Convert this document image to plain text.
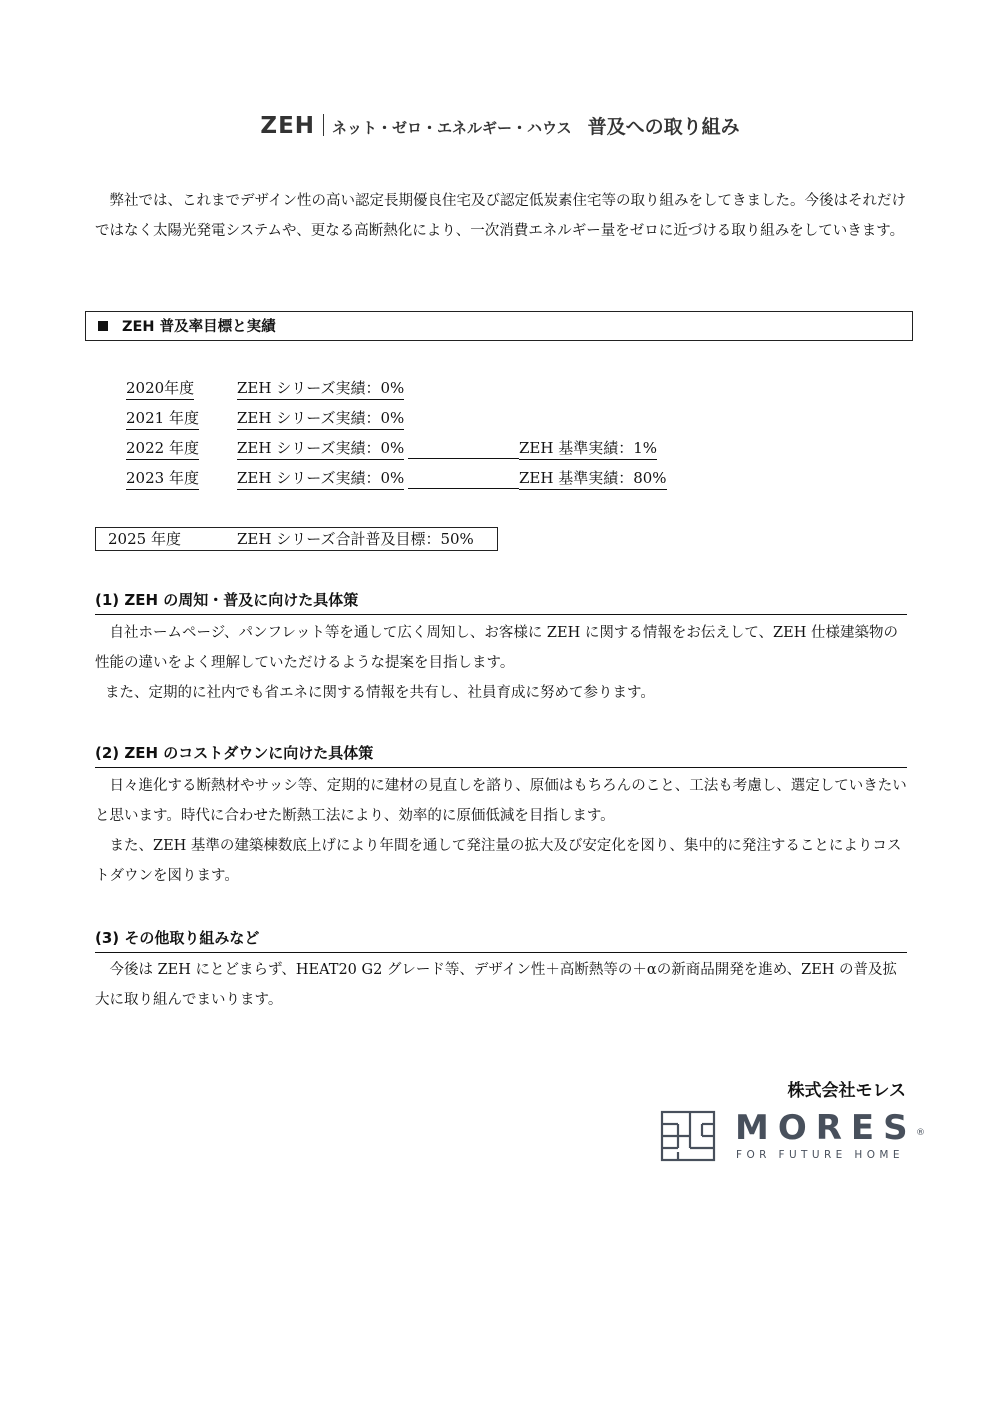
ZEH ネット・ゼロ・エネルギー・ハウス 普及への取り組み

弊社では、これまでデザイン性の高い認定長期優良住宅及び認定低炭素住宅等の取り組みをしてきました。今後はそれだけではなく太陽光発電システムや、更なる高断熱化により、一次消費エネルギー量をゼロに近づける取り組みをしていきます。

ZEH 普及率目標と実績
2020年度	ZEH シリーズ実績：0%
2021 年度	ZEH シリーズ実績：0%
2022 年度	ZEH シリーズ実績：0%	ZEH 基準実績：1%
2023 年度	ZEH シリーズ実績：0%	ZEH 基準実績：80%
2025 年度	ZEH シリーズ合計普及目標：50%
(1) ZEH の周知・普及に向けた具体策

自社ホームページ、パンフレット等を通して広く周知し、お客様に ZEH に関する情報をお伝えして、ZEH 仕様建築物の性能の違いをよく理解していただけるような提案を目指します。

また、定期的に社内でも省エネに関する情報を共有し、社員育成に努めて参ります。

(2) ZEH のコストダウンに向けた具体策

日々進化する断熱材やサッシ等、定期的に建材の見直しを諮り、原価はもちろんのこと、工法も考慮し、選定していきたいと思います。時代に合わせた断熱工法により、効率的に原価低減を目指します。

また、ZEH 基準の建築棟数底上げにより年間を通して発注量の拡大及び安定化を図り、集中的に発注することによりコストダウンを図ります。

(3) その他取り組みなど

今後は ZEH にとどまらず、HEAT20 G2 グレード等、デザイン性＋高断熱等の＋αの新商品開発を進め、ZEH の普及拡大に取り組んでまいります。

株式会社モレス
MORES ®
FOR FUTURE HOME
